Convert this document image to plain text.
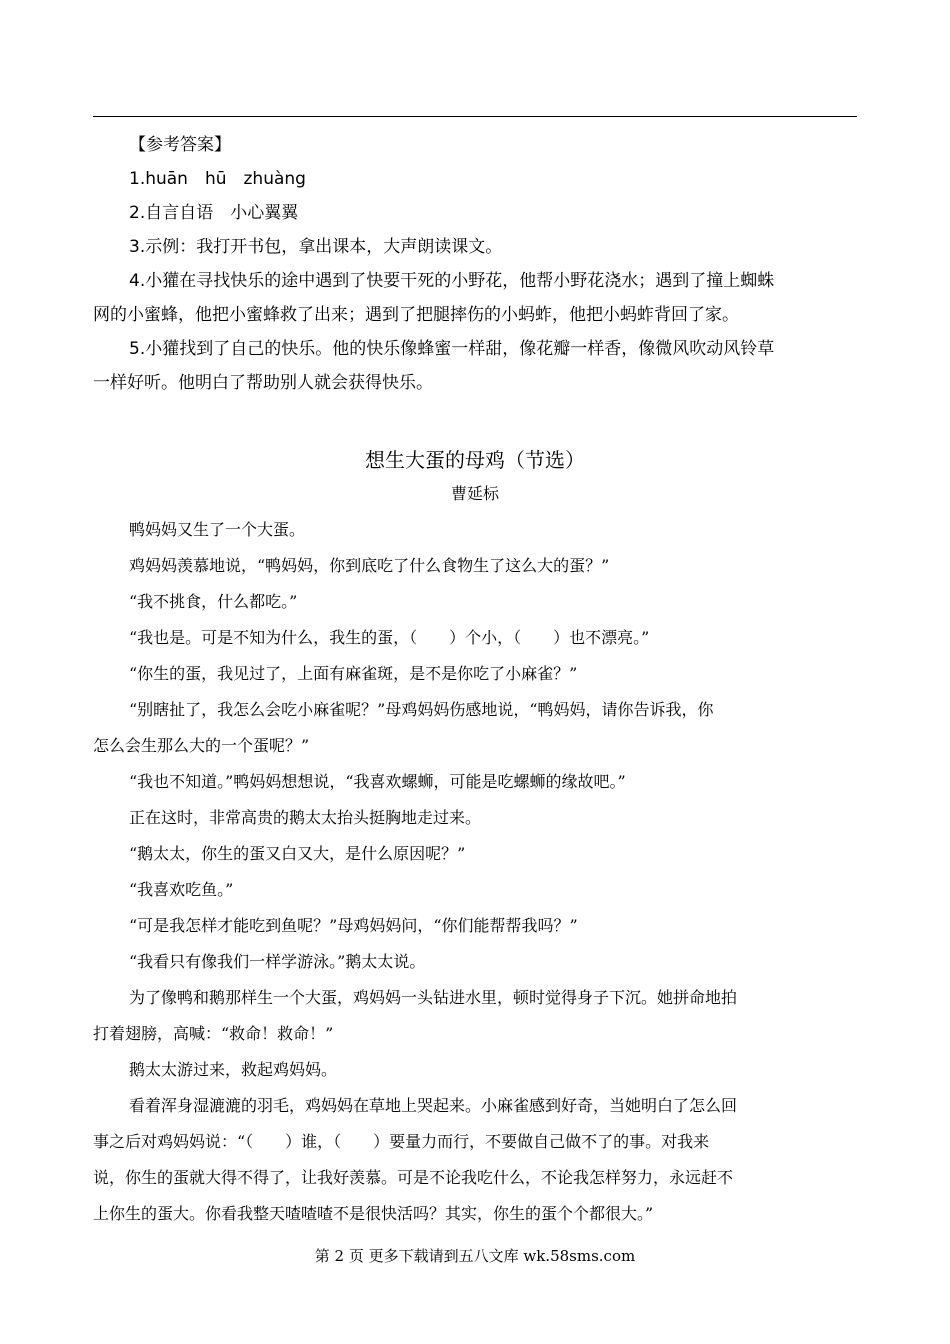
【参考答案】
1.huān　hū　zhuàng
2.自言自语　小心翼翼
3.示例：我打开书包，拿出课本，大声朗读课文。
4.小獾在寻找快乐的途中遇到了快要干死的小野花，他帮小野花浇水；遇到了撞上蜘蛛
网的小蜜蜂，他把小蜜蜂救了出来；遇到了把腿摔伤的小蚂蚱，他把小蚂蚱背回了家。
5.小獾找到了自己的快乐。他的快乐像蜂蜜一样甜，像花瓣一样香，像微风吹动风铃草
一样好听。他明白了帮助别人就会获得快乐。
想生大蛋的母鸡（节选）
曹延标
鸭妈妈又生了一个大蛋。
鸡妈妈羡慕地说，“鸭妈妈，你到底吃了什么食物生了这么大的蛋？”
“我不挑食，什么都吃。”
“我也是。可是不知为什么，我生的蛋，（　　）个小，（　　）也不漂亮。”
“你生的蛋，我见过了，上面有麻雀斑，是不是你吃了小麻雀？”
“别瞎扯了，我怎么会吃小麻雀呢？”母鸡妈妈伤感地说，“鸭妈妈，请你告诉我，你
怎么会生那么大的一个蛋呢？”
“我也不知道。”鸭妈妈想想说，“我喜欢螺蛳，可能是吃螺蛳的缘故吧。”
正在这时，非常高贵的鹅太太抬头挺胸地走过来。
“鹅太太，你生的蛋又白又大，是什么原因呢？”
“我喜欢吃鱼。”
“可是我怎样才能吃到鱼呢？”母鸡妈妈问，“你们能帮帮我吗？”
“我看只有像我们一样学游泳。”鹅太太说。
为了像鸭和鹅那样生一个大蛋，鸡妈妈一头钻进水里，顿时觉得身子下沉。她拼命地拍
打着翅膀，高喊：“救命！救命！”
鹅太太游过来，救起鸡妈妈。
看着浑身湿漉漉的羽毛，鸡妈妈在草地上哭起来。小麻雀感到好奇，当她明白了怎么回
事之后对鸡妈妈说：“（　　）谁，（　　）要量力而行，不要做自己做不了的事。对我来
说，你生的蛋就大得不得了，让我好羡慕。可是不论我吃什么，不论我怎样努力，永远赶不
上你生的蛋大。你看我整天喳喳喳不是很快活吗？其实，你生的蛋个个都很大。”
第 2 页 更多下载请到五八文库 wk.58sms.com
